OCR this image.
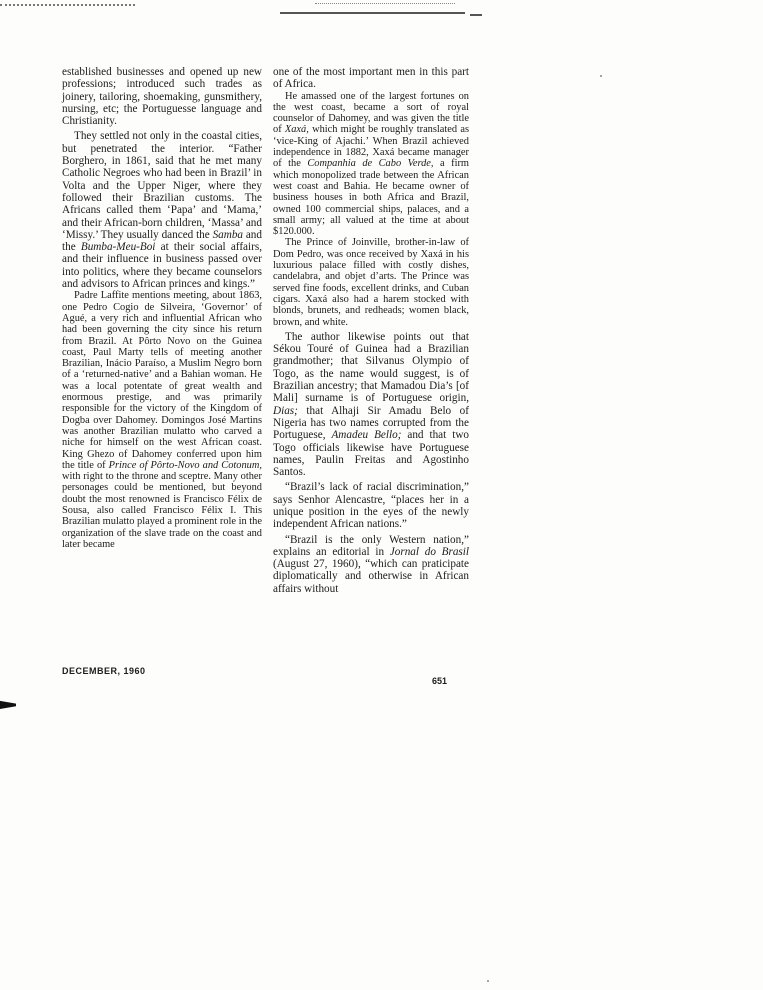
established businesses and opened up new professions; introduced such trades as joinery, tailoring, shoemaking, gunsmithery, nursing, etc; the Portuguesse language and Christianity.

They settled not only in the coastal cities, but penetrated the interior. “Father Borghero, in 1861, said that he met many Catholic Negroes who had been in Brazil’ in Volta and the Upper Niger, where they followed their Brazilian customs. The Africans called them ‘Papa’ and ‘Mama,’ and their African-born children, ‘Massa’ and ‘Missy.’ They usually danced the Samba and the Bumba-Meu-Boi at their social affairs, and their influence in business passed over into politics, where they became counselors and advisors to African princes and kings.”

Padre Laffite mentions meeting, about 1863, one Pedro Cogio de Silveira, ‘Governor’ of Agué, a very rich and influential African who had been governing the city since his return from Brazil. At Pôrto Novo on the Guinea coast, Paul Marty tells of meeting another Brazilian, Inácio Paraíso, a Muslim Negro born of a ‘returned-native’ and a Bahian woman. He was a local potentate of great wealth and enormous prestige, and was primarily responsible for the victory of the Kingdom of Dogba over Dahomey. Domingos José Martins was another Brazilian mulatto who carved a niche for himself on the west African coast. King Ghezo of Dahomey conferred upon him the title of Prince of Pôrto-Novo and Cotonum, with right to the throne and sceptre. Many other personages could be mentioned, but beyond doubt the most renowned is Francisco Félix de Sousa, also called Francisco Félix I. This Brazilian mulatto played a prominent role in the organization of the slave trade on the coast and later became

one of the most important men in this part of Africa.

He amassed one of the largest fortunes on the west coast, became a sort of royal counselor of Dahomey, and was given the title of Xaxá, which might be roughly translated as ‘vice-King of Ajachi.’ When Brazil achieved independence in 1882, Xaxá became manager of the Companhia de Cabo Verde, a firm which monopolized trade between the African west coast and Bahia. He became owner of business houses in both Africa and Brazil, owned 100 commercial ships, palaces, and a small army; all valued at the time at about $120.000.

The Prince of Joinville, brother-in-law of Dom Pedro, was once received by Xaxá in his luxurious palace filled with costly dishes, candelabra, and objet d’arts. The Prince was served fine foods, excellent drinks, and Cuban cigars. Xaxá also had a harem stocked with blonds, brunets, and redheads; women black, brown, and white.

The author likewise points out that Sékou Touré of Guinea had a Brazilian grandmother; that Silvanus Olympio of Togo, as the name would suggest, is of Brazilian ancestry; that Mamadou Dia’s [of Mali] surname is of Portuguese origin, Dias; that Alhaji Sir Amadu Belo of Nigeria has two names corrupted from the Portuguese, Amadeu Bello; and that two Togo officials likewise have Portuguese names, Paulin Freitas and Agostinho Santos.

“Brazil’s lack of racial discrimination,” says Senhor Alencastre, “places her in a unique position in the eyes of the newly independent African nations.”

“Brazil is the only Western nation,” explains an editorial in Jornal do Brasil (August 27, 1960), “which can praticipate diplomatically and otherwise in African affairs without

DECEMBER, 1960
651
